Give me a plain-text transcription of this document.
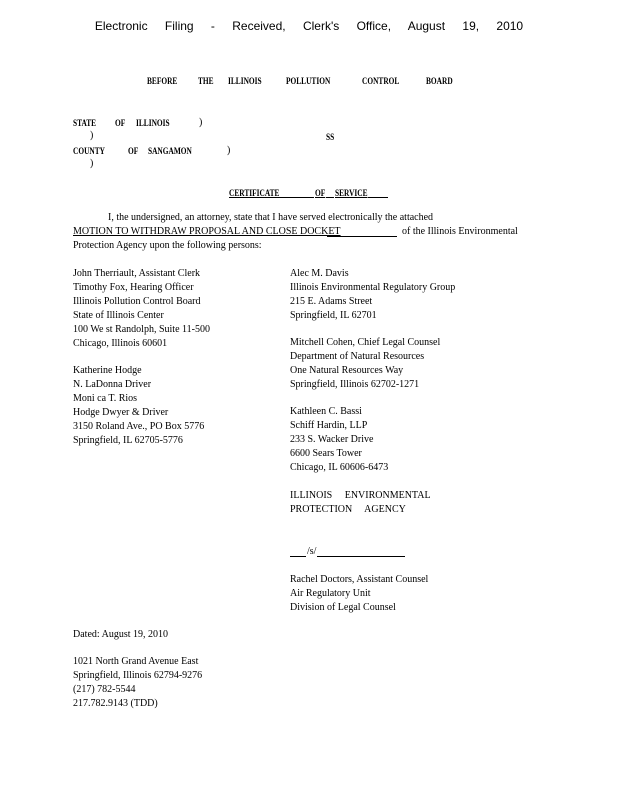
Electronic Filing - Received, Clerk's Office, August 19, 2010
BEFORE THE ILLINOIS	POLLUTION	CONTROL	BOARD
STATE OF ILLINOIS	)
)	SS
COUNTY	OF SANGAMON	)
)
CERTIFICATE	OF SERVICE
I, the undersigned, an attorney, state that I have served electronically the attached
MOTION TO WITHDRAW PROPOSAL AND CLOSE DOCKET	of the Illinois Environmental
Protection Agency upon the following persons:
John Therriault, Assistant Clerk
Timothy Fox, Hearing Officer
Illinois Pollution Control Board
State of Illinois Center
100 We st Randolph, Suite 11-500
Chicago, Illinois 60601
Katherine Hodge
N. LaDonna Driver
Moni ca T. Rios
Hodge Dwyer & Driver
3150 Roland Ave., PO Box 5776
Springfield, IL 62705-5776
Alec M. Davis
Illinois Environmental Regulatory Group
215 E. Adams Street
Springfield, IL 62701
Mitchell Cohen, Chief Legal Counsel
Department of Natural Resources
One Natural Resources Way
Springfield, Illinois 62702-1271
Kathleen C. Bassi
Schiff Hardin, LLP
233 S. Wacker Drive
6600 Sears Tower
Chicago, IL 60606-6473
ILLINOIS ENVIRONMENTAL
PROTECTION AGENCY
/s/
Rachel Doctors, Assistant Counsel
Air Regulatory Unit
Division of Legal Counsel
Dated: August 19, 2010
1021 North Grand Avenue East
Springfield, Illinois 62794-9276
(217) 782-5544
217.782.9143 (TDD)
